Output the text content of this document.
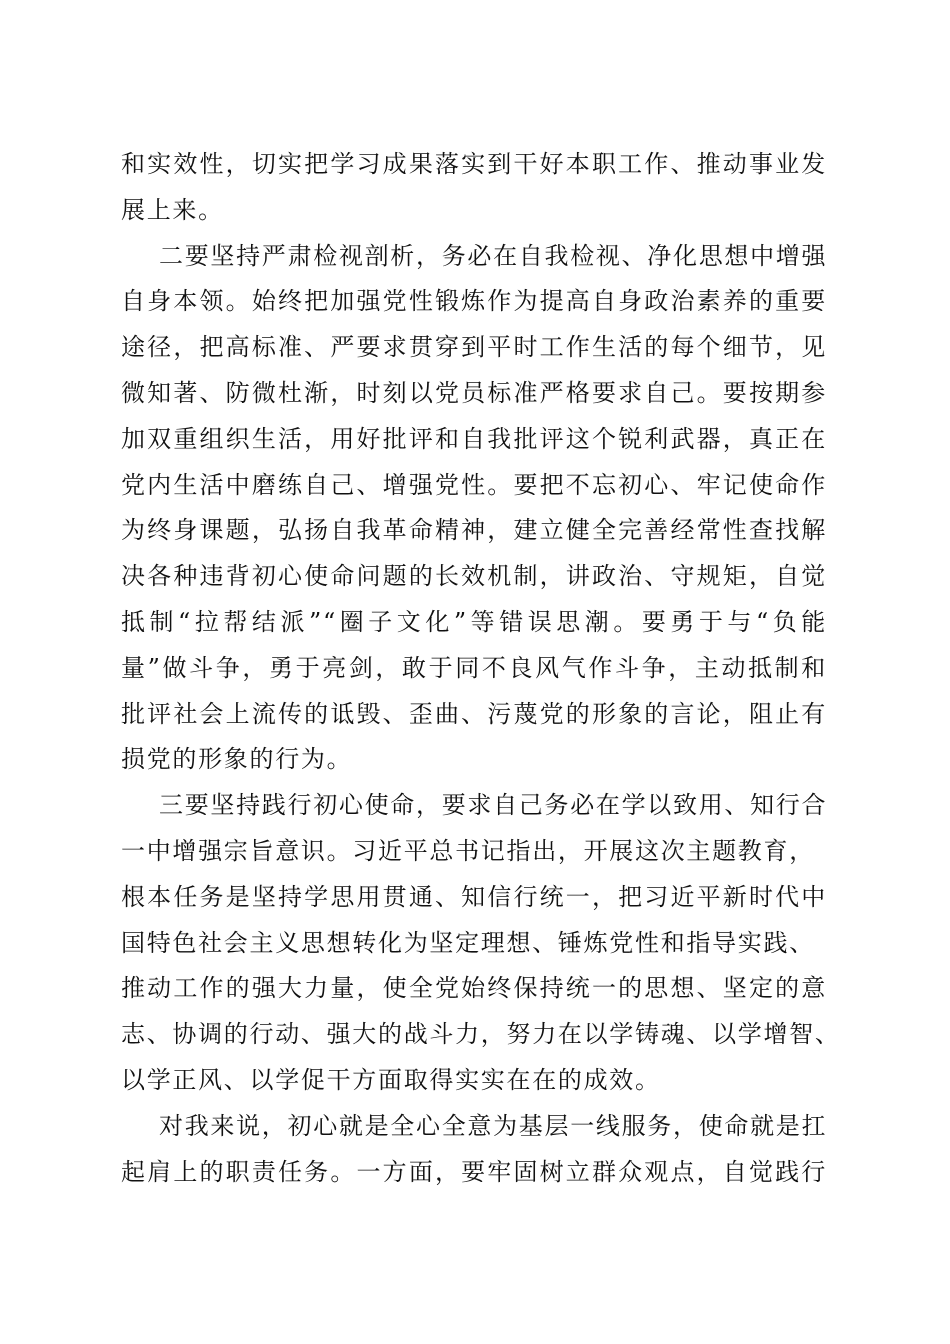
和实效性，切实把学习成果落实到干好本职工作、推动事业发
展上来。
二要坚持严肃检视剖析，务必在自我检视、净化思想中增强
自身本领。始终把加强党性锻炼作为提高自身政治素养的重要
途径，把高标准、严要求贯穿到平时工作生活的每个细节，见
微知著、防微杜渐，时刻以党员标准严格要求自己。要按期参
加双重组织生活，用好批评和自我批评这个锐利武器，真正在
党内生活中磨练自己、增强党性。要把不忘初心、牢记使命作
为终身课题，弘扬自我革命精神，建立健全完善经常性查找解
决各种违背初心使命问题的长效机制，讲政治、守规矩，自觉
抵制“拉帮结派”“圈子文化”等错误思潮。要勇于与“负能
量”做斗争，勇于亮剑，敢于同不良风气作斗争，主动抵制和
批评社会上流传的诋毁、歪曲、污蔑党的形象的言论，阻止有
损党的形象的行为。
三要坚持践行初心使命，要求自己务必在学以致用、知行合
一中增强宗旨意识。习近平总书记指出，开展这次主题教育，
根本任务是坚持学思用贯通、知信行统一，把习近平新时代中
国特色社会主义思想转化为坚定理想、锤炼党性和指导实践、
推动工作的强大力量，使全党始终保持统一的思想、坚定的意
志、协调的行动、强大的战斗力，努力在以学铸魂、以学增智、
以学正风、以学促干方面取得实实在在的成效。
对我来说，初心就是全心全意为基层一线服务，使命就是扛
起肩上的职责任务。一方面，要牢固树立群众观点，自觉践行
